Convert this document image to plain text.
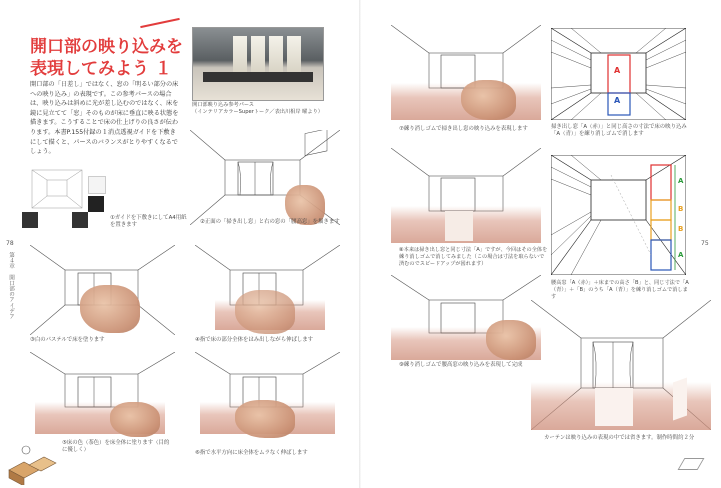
開口部の映り込みを
表現してみよう １

開口部の「日差し」ではなく、窓の「明るい部分の床への映り込み」の表現です。この参考パースの場合は、映り込みは斜めに光が差し込むのではなく、床を鏡に見立てて「窓」そのものが床に垂直に映る状態を描きます。こうすることで床の仕上げりの良さが伝わります。本書P.155付録の１消点透視ガイドを下敷きにして描くと、パースのバランスがとりやすくなるでしょう。

開口部映り込み参考パース
（インテリアカラーSuperトーク／表出川相岸 曜より）

①ガイドを下敷きにしてA4用紙を置きます	②正面の「掃き出し窓」と右の窓の「腰高窓」を描きます
78
第４章　開口部のアイデア
③白のパステルで床を塗ります	④指で床の部分全体をはみ出しながら伸ばします
⑤床の色（茶色）を床全体に塗ります（目的に優しく）	⑥指で水平方向に床全体をムラなく伸ばします
⑦練り消しゴムで掃き出し窓の映り込みを表現します
A
A
掃き出し窓「A（赤）」と同じ高さの寸法で床の映り込み「A（青）」を練り消しゴムで消します
⑧本来は掃き出し窓と同じ寸法「A」ですが、今回はその全体を練り消しゴムで消してみました（この場合は寸法を取らないで済むのでスピードアップが図れます）
A
B
B
A
腰高窓「A（赤）」＋床までの高さ「B」と、同じ寸法で「A（青）」＋「B」のうち「A（青）」を練り消しゴムで消します
75
⑨練り消しゴムで腰高窓の映り込みを表現して完成
カーテンは映り込みの表現の中では省きます。制作時間約２分
